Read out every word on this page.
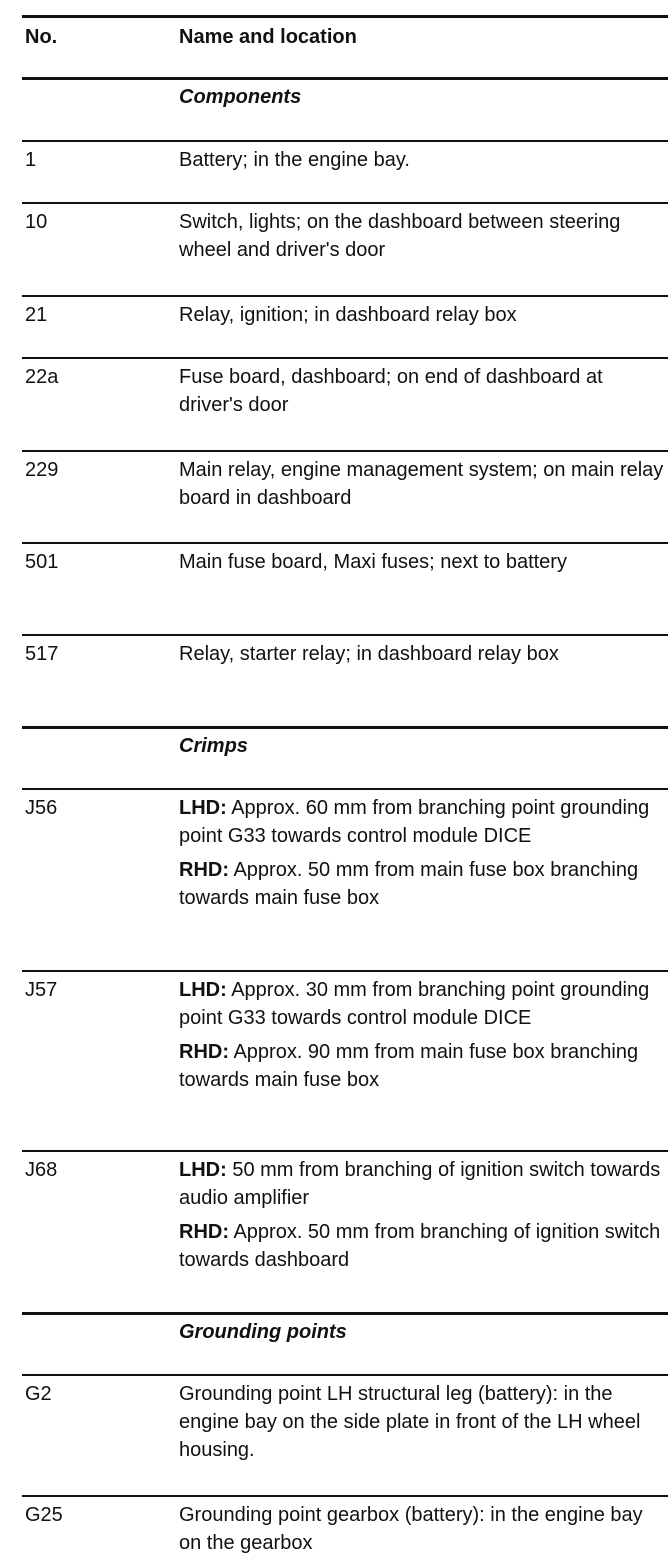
No.	Name and location
Components
1	Battery; in the engine bay.

10	Switch, lights; on the dashboard between steering wheel and driver's door

21	Relay, ignition; in dashboard relay box

22a	Fuse board, dashboard; on end of dashboard at driver's door

229	Main relay, engine management system; on main relay board in dashboard

501	Main fuse board, Maxi fuses; next to battery

517	Relay, starter relay; in dashboard relay box

Crimps
J56	LHD: Approx. 60 mm from branching point grounding point G33 towards control module DICE

RHD: Approx. 50 mm from main fuse box branching towards main fuse box

J57	LHD: Approx. 30 mm from branching point grounding point G33 towards control module DICE

RHD: Approx. 90 mm from main fuse box branching towards main fuse box

J68	LHD: 50 mm from branching of ignition switch towards audio amplifier

RHD: Approx. 50 mm from branching of ignition switch towards dashboard

Grounding points
G2	Grounding point LH structural leg (battery): in the engine bay on the side plate in front of the LH wheel housing.

G25	Grounding point gearbox (battery): in the engine bay on the gearbox
